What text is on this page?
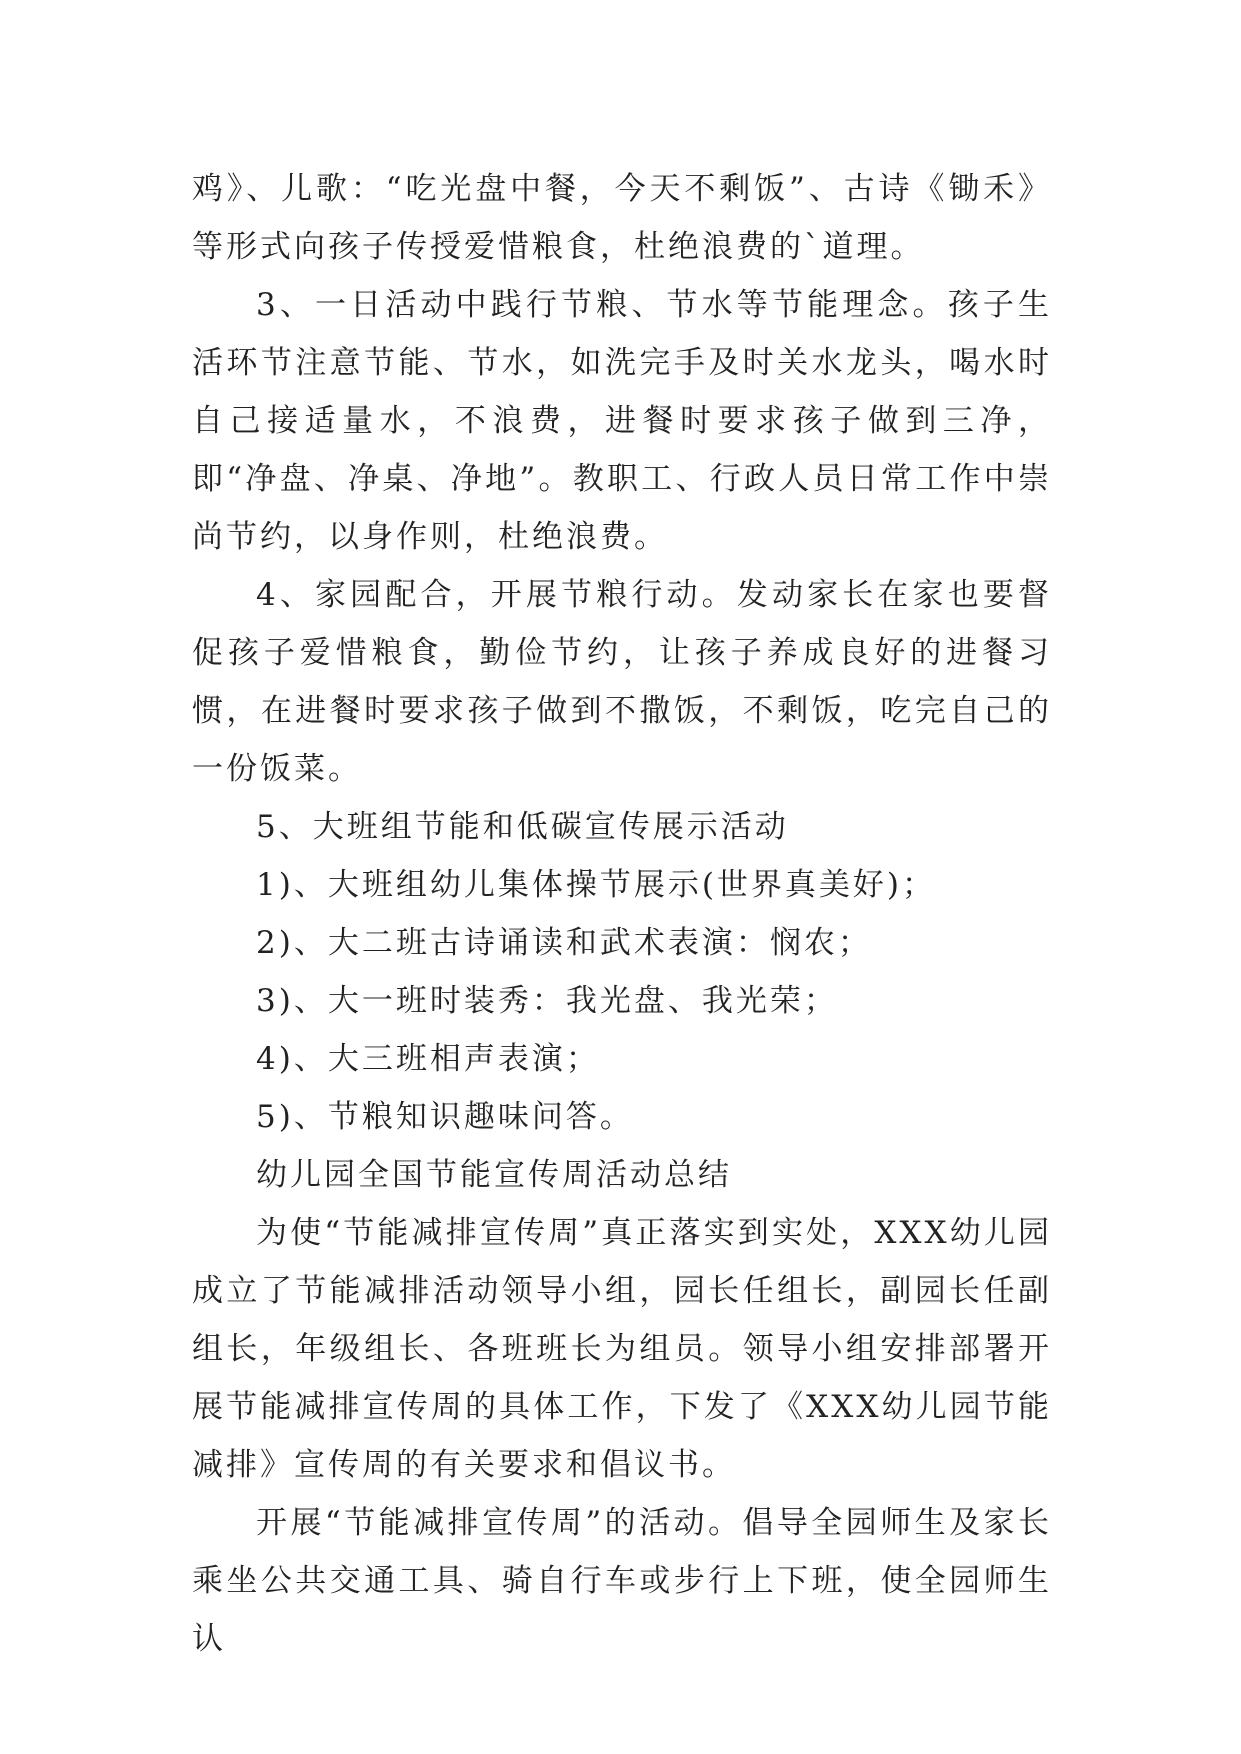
鸡》、儿歌：“吃光盘中餐，今天不剩饭”、古诗《锄禾》等形式向孩子传授爱惜粮食，杜绝浪费的`道理。

3、一日活动中践行节粮、节水等节能理念。孩子生活环节注意节能、节水，如洗完手及时关水龙头，喝水时自己接适量水，不浪费，进餐时要求孩子做到三净，即“净盘、净桌、净地”。教职工、行政人员日常工作中崇尚节约，以身作则，杜绝浪费。

4、家园配合，开展节粮行动。发动家长在家也要督促孩子爱惜粮食，勤俭节约，让孩子养成良好的进餐习惯，在进餐时要求孩子做到不撒饭，不剩饭，吃完自己的一份饭菜。

5、大班组节能和低碳宣传展示活动

1)、大班组幼儿集体操节展示(世界真美好)；

2)、大二班古诗诵读和武术表演：悯农；

3)、大一班时装秀：我光盘、我光荣；

4)、大三班相声表演；

5)、节粮知识趣味问答。

幼儿园全国节能宣传周活动总结

为使“节能减排宣传周”真正落实到实处，XXX幼儿园成立了节能减排活动领导小组，园长任组长，副园长任副组长，年级组长、各班班长为组员。领导小组安排部署开展节能减排宣传周的具体工作，下发了《XXX幼儿园节能减排》宣传周的有关要求和倡议书。

开展“节能减排宣传周”的活动。倡导全园师生及家长乘坐公共交通工具、骑自行车或步行上下班，使全园师生认
